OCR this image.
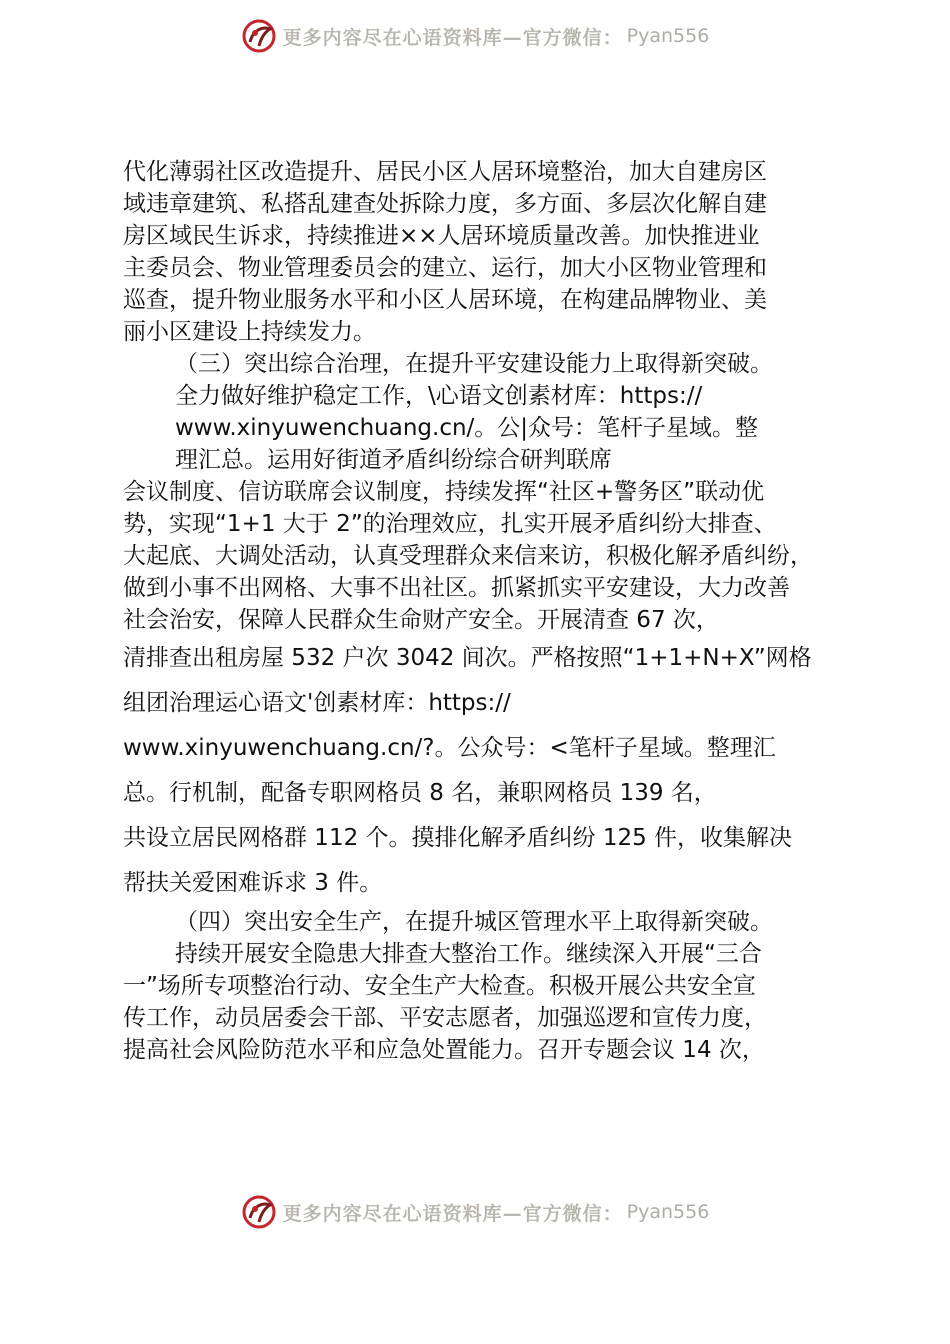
更多内容尽在心语资料库—官方微信： Pyan556

代化薄弱社区改造提升、居民小区人居环境整治，加大自建房区

域违章建筑、私搭乱建查处拆除力度，多方面、多层次化解自建

房区域民生诉求，持续推进××人居环境质量改善。加快推进业

主委员会、物业管理委员会的建立、运行，加大小区物业管理和

巡查，提升物业服务水平和小区人居环境，在构建品牌物业、美

丽小区建设上持续发力。

（三）突出综合治理，在提升平安建设能力上取得新突破。

全力做好维护稳定工作，\心语文创素材库：https://

www.xinyuwenchuang.cn/。公|众号：笔杆子星域。整

理汇总。运用好街道矛盾纠纷综合研判联席

会议制度、信访联席会议制度，持续发挥“社区+警务区”联动优

势，实现“1+1 大于 2”的治理效应，扎实开展矛盾纠纷大排查、

大起底、大调处活动，认真受理群众来信来访，积极化解矛盾纠纷，

做到小事不出网格、大事不出社区。抓紧抓实平安建设，大力改善

社会治安，保障人民群众生命财产安全。开展清查 67 次，

清排查出租房屋 532 户次 3042 间次。严格按照“1+1+N+X”网格

组团治理运心语文'创素材库：https://

www.xinyuwenchuang.cn/?。公众号：<笔杆子星域。整理汇

总。行机制，配备专职网格员 8 名，兼职网格员 139 名，

共设立居民网格群 112 个。摸排化解矛盾纠纷 125 件，收集解决

帮扶关爱困难诉求 3 件。

（四）突出安全生产，在提升城区管理水平上取得新突破。

持续开展安全隐患大排查大整治工作。继续深入开展“三合

一”场所专项整治行动、安全生产大检查。积极开展公共安全宣

传工作，动员居委会干部、平安志愿者，加强巡逻和宣传力度，

提高社会风险防范水平和应急处置能力。召开专题会议 14 次，

更多内容尽在心语资料库—官方微信： Pyan556
